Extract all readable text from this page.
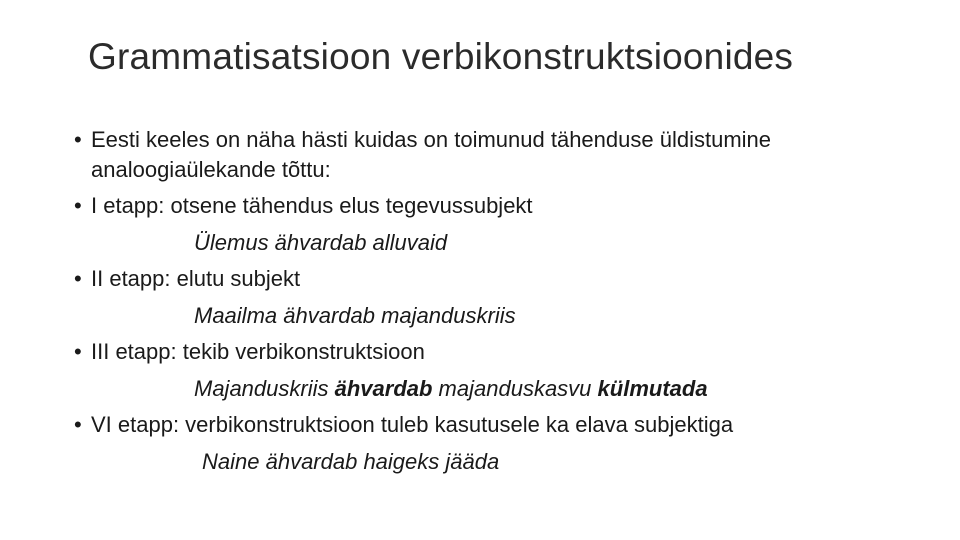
Grammatisatsioon verbikonstruktsioonides
• Eesti keeles on näha hästi kuidas on toimunud tähenduse üldistumine
analoogiaülekande tõttu:
• I etapp: otsene tähendus elus tegevussubjekt
Ülemus ähvardab alluvaid
• II etapp: elutu subjekt
Maailma ähvardab majanduskriis
• III etapp: tekib verbikonstruktsioon
Majanduskriis ähvardab majanduskasvu külmutada
• VI etapp: verbikonstruktsioon tuleb kasutusele ka elava subjektiga
Naine ähvardab haigeks jääda
